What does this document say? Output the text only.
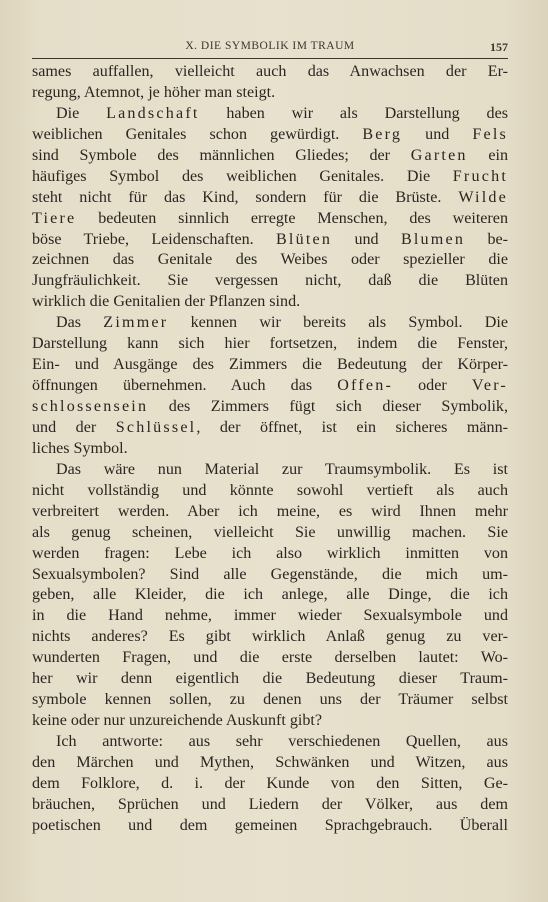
X. DIE SYMBOLIK IM TRAUM	157
sames auffallen, vielleicht auch das Anwachsen der Er-
regung, Atemnot, je höher man steigt.
Die Landschaft haben wir als Darstellung des
weiblichen Genitales schon gewürdigt. Berg und Fels
sind Symbole des männlichen Gliedes; der Garten ein
häufiges Symbol des weiblichen Genitales. Die Frucht
steht nicht für das Kind, sondern für die Brüste. Wilde
Tiere bedeuten sinnlich erregte Menschen, des weiteren
böse Triebe, Leidenschaften. Blüten und Blumen be-
zeichnen das Genitale des Weibes oder spezieller die
Jungfräulichkeit. Sie vergessen nicht, daß die Blüten
wirklich die Genitalien der Pflanzen sind.
Das Zimmer kennen wir bereits als Symbol. Die
Darstellung kann sich hier fortsetzen, indem die Fenster,
Ein- und Ausgänge des Zimmers die Bedeutung der Körper-
öffnungen übernehmen. Auch das Offen- oder Ver-
schlossensein des Zimmers fügt sich dieser Symbolik,
und der Schlüssel, der öffnet, ist ein sicheres männ-
liches Symbol.
Das wäre nun Material zur Traumsymbolik. Es ist
nicht vollständig und könnte sowohl vertieft als auch
verbreitert werden. Aber ich meine, es wird Ihnen mehr
als genug scheinen, vielleicht Sie unwillig machen. Sie
werden fragen: Lebe ich also wirklich inmitten von
Sexualsymbolen? Sind alle Gegenstände, die mich um-
geben, alle Kleider, die ich anlege, alle Dinge, die ich
in die Hand nehme, immer wieder Sexualsymbole und
nichts anderes? Es gibt wirklich Anlaß genug zu ver-
wunderten Fragen, und die erste derselben lautet: Wo-
her wir denn eigentlich die Bedeutung dieser Traum-
symbole kennen sollen, zu denen uns der Träumer selbst
keine oder nur unzureichende Auskunft gibt?
Ich antworte: aus sehr verschiedenen Quellen, aus
den Märchen und Mythen, Schwänken und Witzen, aus
dem Folklore, d. i. der Kunde von den Sitten, Ge-
bräuchen, Sprüchen und Liedern der Völker, aus dem
poetischen und dem gemeinen Sprachgebrauch. Überall
